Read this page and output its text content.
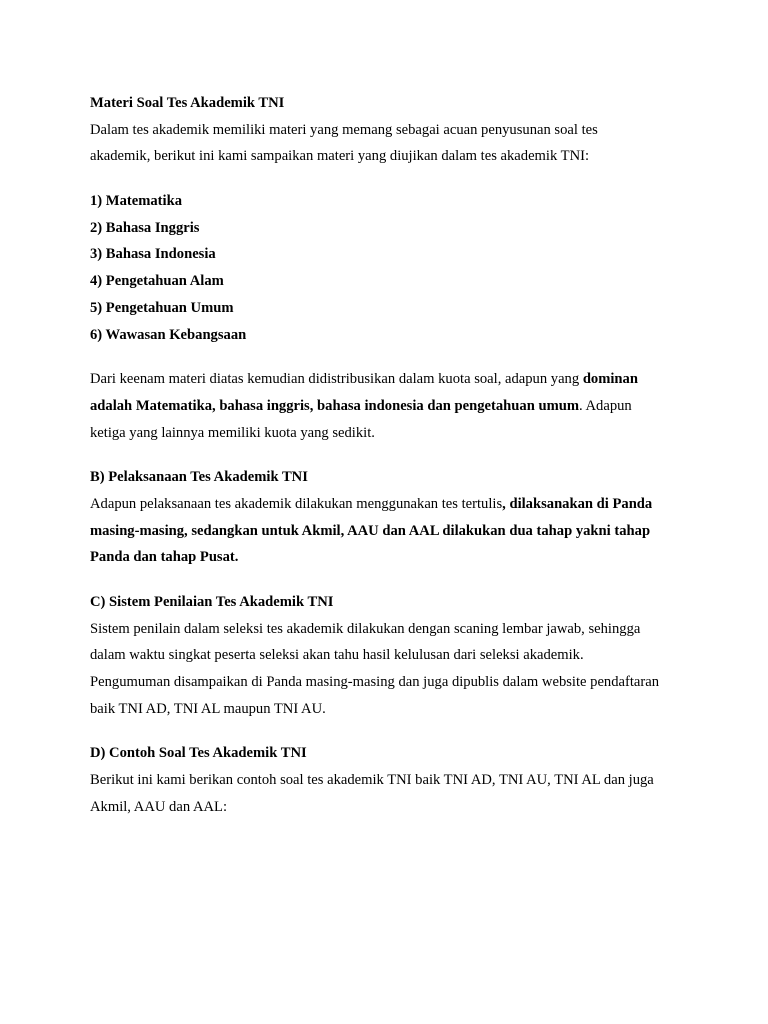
Materi Soal Tes Akademik TNI

Dalam tes akademik memiliki materi yang memang sebagai acuan penyusunan soal tes
akademik, berikut ini kami sampaikan materi yang diujikan dalam tes akademik TNI:

1) Matematika
2) Bahasa Inggris
3) Bahasa Indonesia
4) Pengetahuan Alam
5) Pengetahuan Umum
6) Wawasan Kebangsaan

Dari keenam materi diatas kemudian didistribusikan dalam kuota soal, adapun yang dominan
adalah Matematika, bahasa inggris, bahasa indonesia dan pengetahuan umum. Adapun
ketiga yang lainnya memiliki kuota yang sedikit.

B) Pelaksanaan Tes Akademik TNI

Adapun pelaksanaan tes akademik dilakukan menggunakan tes tertulis, dilaksanakan di Panda
masing-masing, sedangkan untuk Akmil, AAU dan AAL dilakukan dua tahap yakni tahap
Panda dan tahap Pusat.

C) Sistem Penilaian Tes Akademik TNI

Sistem penilain dalam seleksi tes akademik dilakukan dengan scaning lembar jawab, sehingga
dalam waktu singkat peserta seleksi akan tahu hasil kelulusan dari seleksi akademik.
Pengumuman disampaikan di Panda masing-masing dan juga dipublis dalam website pendaftaran
baik TNI AD, TNI AL maupun TNI AU.

D) Contoh Soal Tes Akademik TNI

Berikut ini kami berikan contoh soal tes akademik TNI baik TNI AD, TNI AU, TNI AL dan juga
Akmil, AAU dan AAL:
